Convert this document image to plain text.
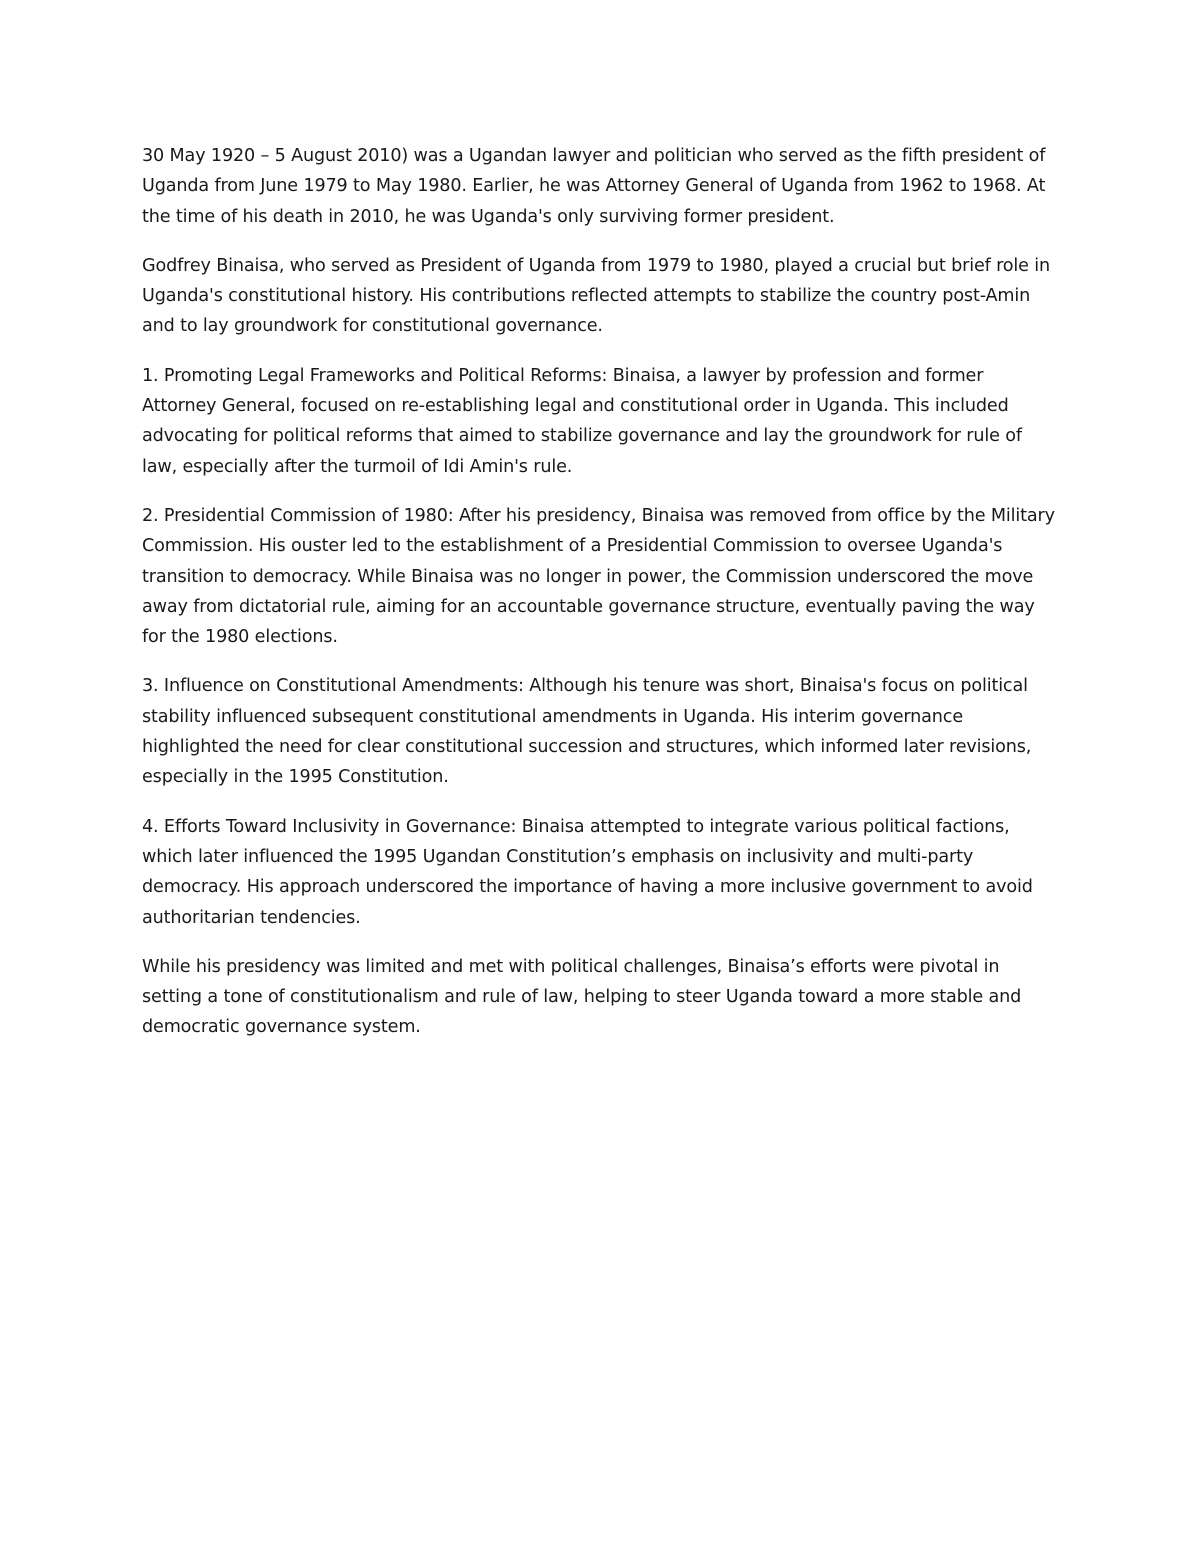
30 May 1920 – 5 August 2010) was a Ugandan lawyer and politician who served as the fifth president of Uganda from June 1979 to May 1980. Earlier, he was Attorney General of Uganda from 1962 to 1968. At the time of his death in 2010, he was Uganda's only surviving former president.

Godfrey Binaisa, who served as President of Uganda from 1979 to 1980, played a crucial but brief role in Uganda's constitutional history. His contributions reflected attempts to stabilize the country post-Amin and to lay groundwork for constitutional governance.

1. Promoting Legal Frameworks and Political Reforms: Binaisa, a lawyer by profession and former Attorney General, focused on re-establishing legal and constitutional order in Uganda. This included advocating for political reforms that aimed to stabilize governance and lay the groundwork for rule of law, especially after the turmoil of Idi Amin's rule.

2. Presidential Commission of 1980: After his presidency, Binaisa was removed from office by the Military Commission. His ouster led to the establishment of a Presidential Commission to oversee Uganda's transition to democracy. While Binaisa was no longer in power, the Commission underscored the move away from dictatorial rule, aiming for an accountable governance structure, eventually paving the way for the 1980 elections.

3. Influence on Constitutional Amendments: Although his tenure was short, Binaisa's focus on political stability influenced subsequent constitutional amendments in Uganda. His interim governance highlighted the need for clear constitutional succession and structures, which informed later revisions, especially in the 1995 Constitution.

4. Efforts Toward Inclusivity in Governance: Binaisa attempted to integrate various political factions, which later influenced the 1995 Ugandan Constitution’s emphasis on inclusivity and multi-party democracy. His approach underscored the importance of having a more inclusive government to avoid authoritarian tendencies.

While his presidency was limited and met with political challenges, Binaisa’s efforts were pivotal in setting a tone of constitutionalism and rule of law, helping to steer Uganda toward a more stable and democratic governance system.
